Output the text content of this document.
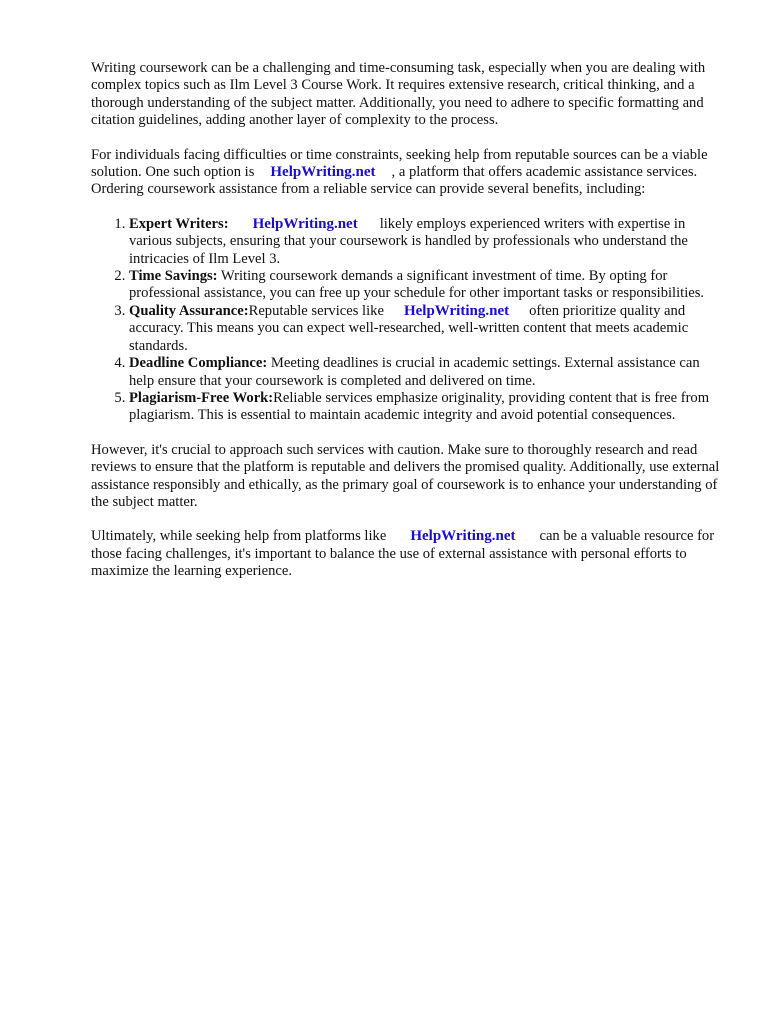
Writing coursework can be a challenging and time-consuming task, especially when you are dealing with complex topics such as Ilm Level 3 Course Work. It requires extensive research, critical thinking, and a thorough understanding of the subject matter. Additionally, you need to adhere to specific formatting and citation guidelines, adding another layer of complexity to the process.

For individuals facing difficulties or time constraints, seeking help from reputable sources can be a viable solution. One such option is HelpWriting.net , a platform that offers academic assistance services. Ordering coursework assistance from a reliable service can provide several benefits, including:

1. Expert Writers: HelpWriting.net likely employs experienced writers with expertise in various subjects, ensuring that your coursework is handled by professionals who understand the intricacies of Ilm Level 3.
2. Time Savings: Writing coursework demands a significant investment of time. By opting for professional assistance, you can free up your schedule for other important tasks or responsibilities.
3. Quality Assurance:Reputable services like HelpWriting.net often prioritize quality and accuracy. This means you can expect well-researched, well-written content that meets academic standards.
4. Deadline Compliance: Meeting deadlines is crucial in academic settings. External assistance can help ensure that your coursework is completed and delivered on time.
5. Plagiarism-Free Work:Reliable services emphasize originality, providing content that is free from plagiarism. This is essential to maintain academic integrity and avoid potential consequences.

However, it's crucial to approach such services with caution. Make sure to thoroughly research and read reviews to ensure that the platform is reputable and delivers the promised quality. Additionally, use external assistance responsibly and ethically, as the primary goal of coursework is to enhance your understanding of the subject matter.

Ultimately, while seeking help from platforms like HelpWriting.net can be a valuable resource for those facing challenges, it's important to balance the use of external assistance with personal efforts to maximize the learning experience.
